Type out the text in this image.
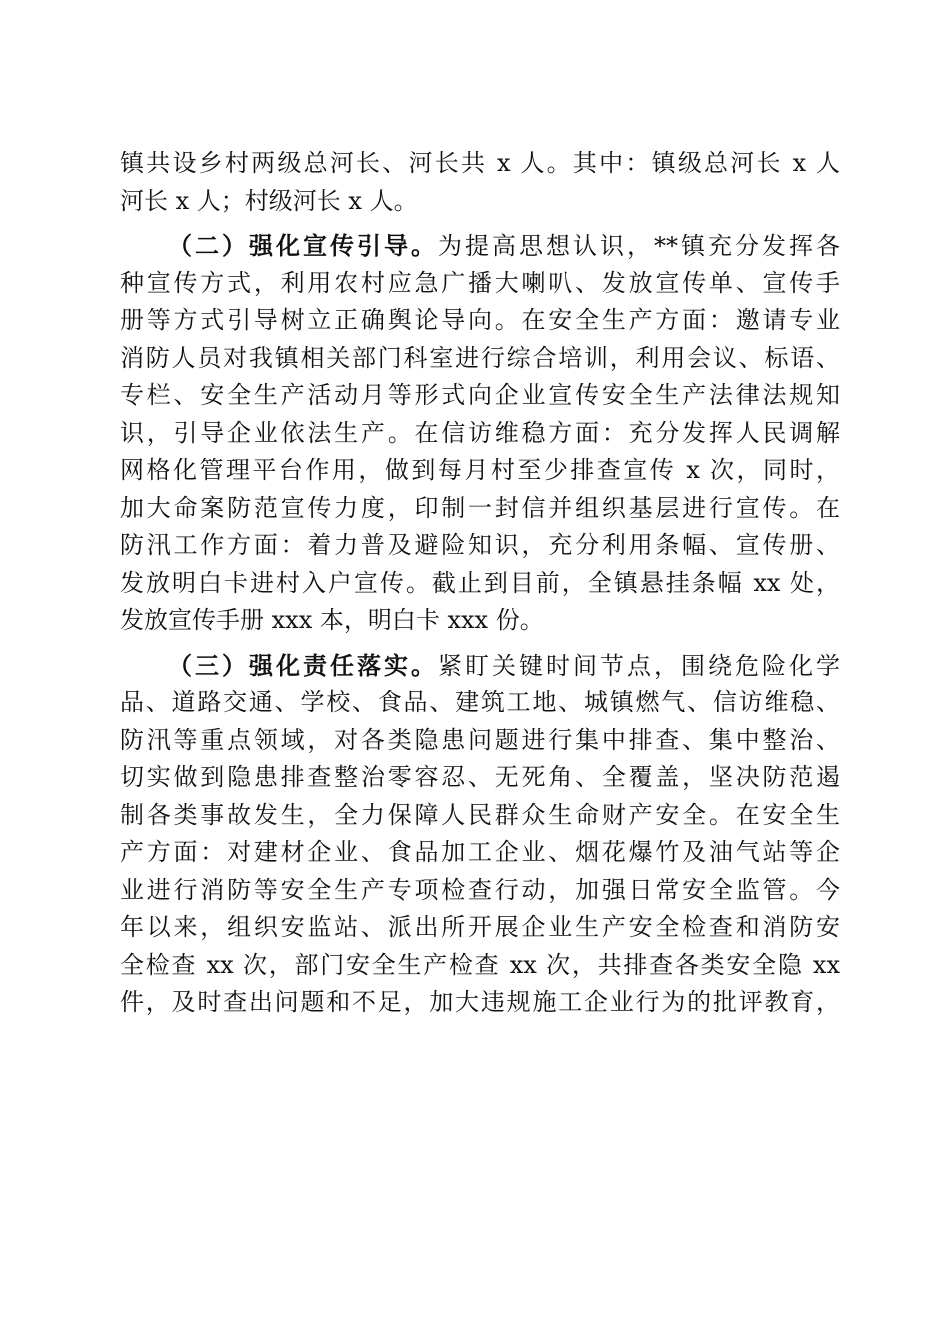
镇共设乡村两级总河长、河长共 x 人。其中：镇级总河长 x 人
河长 x 人；村级河长 x 人。
（二）强化宣传引导。为提高思想认识，**镇充分发挥各
种宣传方式，利用农村应急广播大喇叭、发放宣传单、宣传手
册等方式引导树立正确舆论导向。在安全生产方面：邀请专业
消防人员对我镇相关部门科室进行综合培训，利用会议、标语、
专栏、安全生产活动月等形式向企业宣传安全生产法律法规知
识，引导企业依法生产。在信访维稳方面：充分发挥人民调解
网格化管理平台作用，做到每月村至少排查宣传 x 次，同时，
加大命案防范宣传力度，印制一封信并组织基层进行宣传。在
防汛工作方面：着力普及避险知识，充分利用条幅、宣传册、
发放明白卡进村入户宣传。截止到目前，全镇悬挂条幅 xx 处，
发放宣传手册 xxx 本，明白卡 xxx 份。
（三）强化责任落实。紧盯关键时间节点，围绕危险化学
品、道路交通、学校、食品、建筑工地、城镇燃气、信访维稳、
防汛等重点领域，对各类隐患问题进行集中排查、集中整治、
切实做到隐患排查整治零容忍、无死角、全覆盖，坚决防范遏
制各类事故发生，全力保障人民群众生命财产安全。在安全生
产方面：对建材企业、食品加工企业、烟花爆竹及油气站等企
业进行消防等安全生产专项检查行动，加强日常安全监管。今
年以来，组织安监站、派出所开展企业生产安全检查和消防安
全检查 xx 次，部门安全生产检查 xx 次，共排查各类安全隐 xx
件，及时查出问题和不足，加大违规施工企业行为的批评教育，
